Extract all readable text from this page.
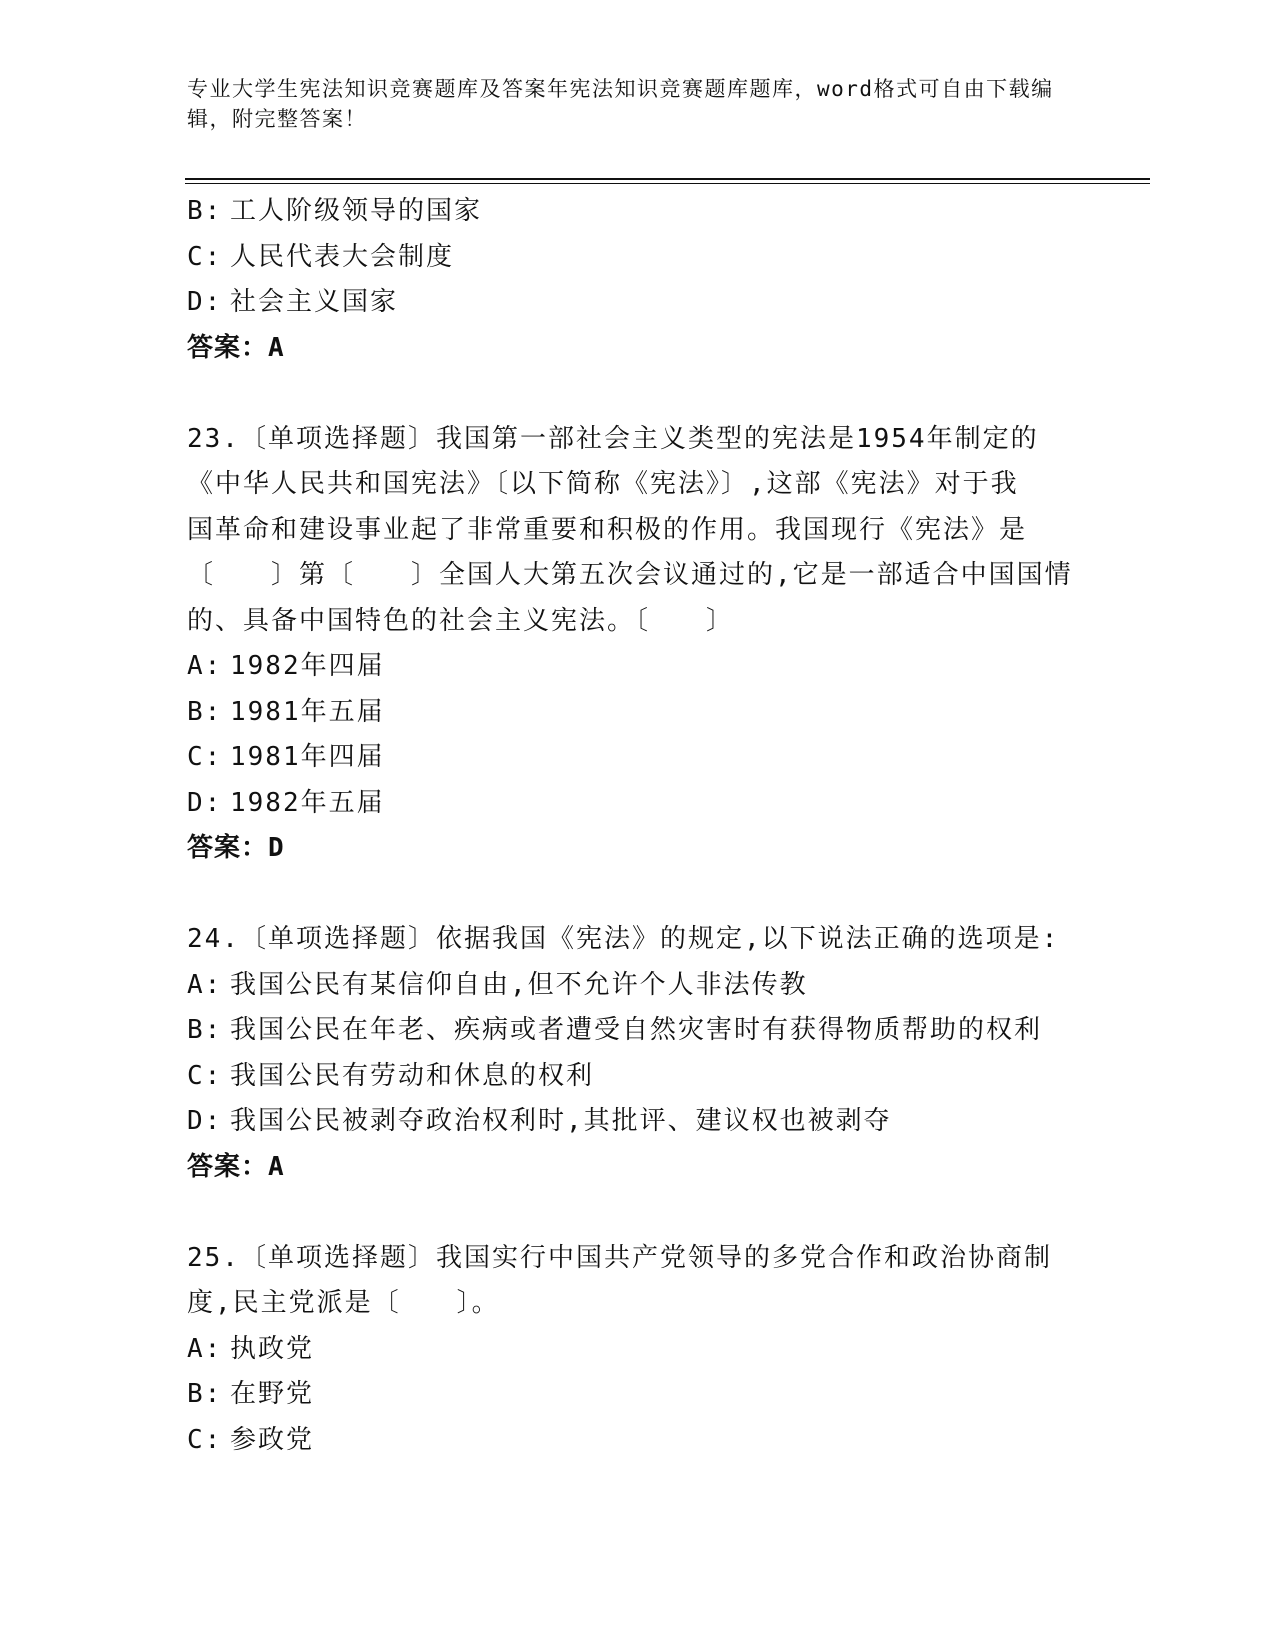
专业大学生宪法知识竞赛题库及答案年宪法知识竞赛题库题库，word格式可自由下载编辑，附完整答案！
B: 工人阶级领导的国家
C: 人民代表大会制度
D: 社会主义国家
答案：A
23.〔单项选择题〕我国第一部社会主义类型的宪法是1954年制定的
《中华人民共和国宪法》〔以下简称《宪法》〕,这部《宪法》对于我
国革命和建设事业起了非常重要和积极的作用。我国现行《宪法》是
〔　　〕第〔　　〕全国人大第五次会议通过的,它是一部适合中国国情
的、具备中国特色的社会主义宪法。〔　　〕
A: 1982年四届
B: 1981年五届
C: 1981年四届
D: 1982年五届
答案：D
24.〔单项选择题〕依据我国《宪法》的规定,以下说法正确的选项是:
A: 我国公民有某信仰自由,但不允许个人非法传教
B: 我国公民在年老、疾病或者遭受自然灾害时有获得物质帮助的权利
C: 我国公民有劳动和休息的权利
D: 我国公民被剥夺政治权利时,其批评、建议权也被剥夺
答案：A
25.〔单项选择题〕我国实行中国共产党领导的多党合作和政治协商制
度,民主党派是〔　　〕。
A: 执政党
B: 在野党
C: 参政党
